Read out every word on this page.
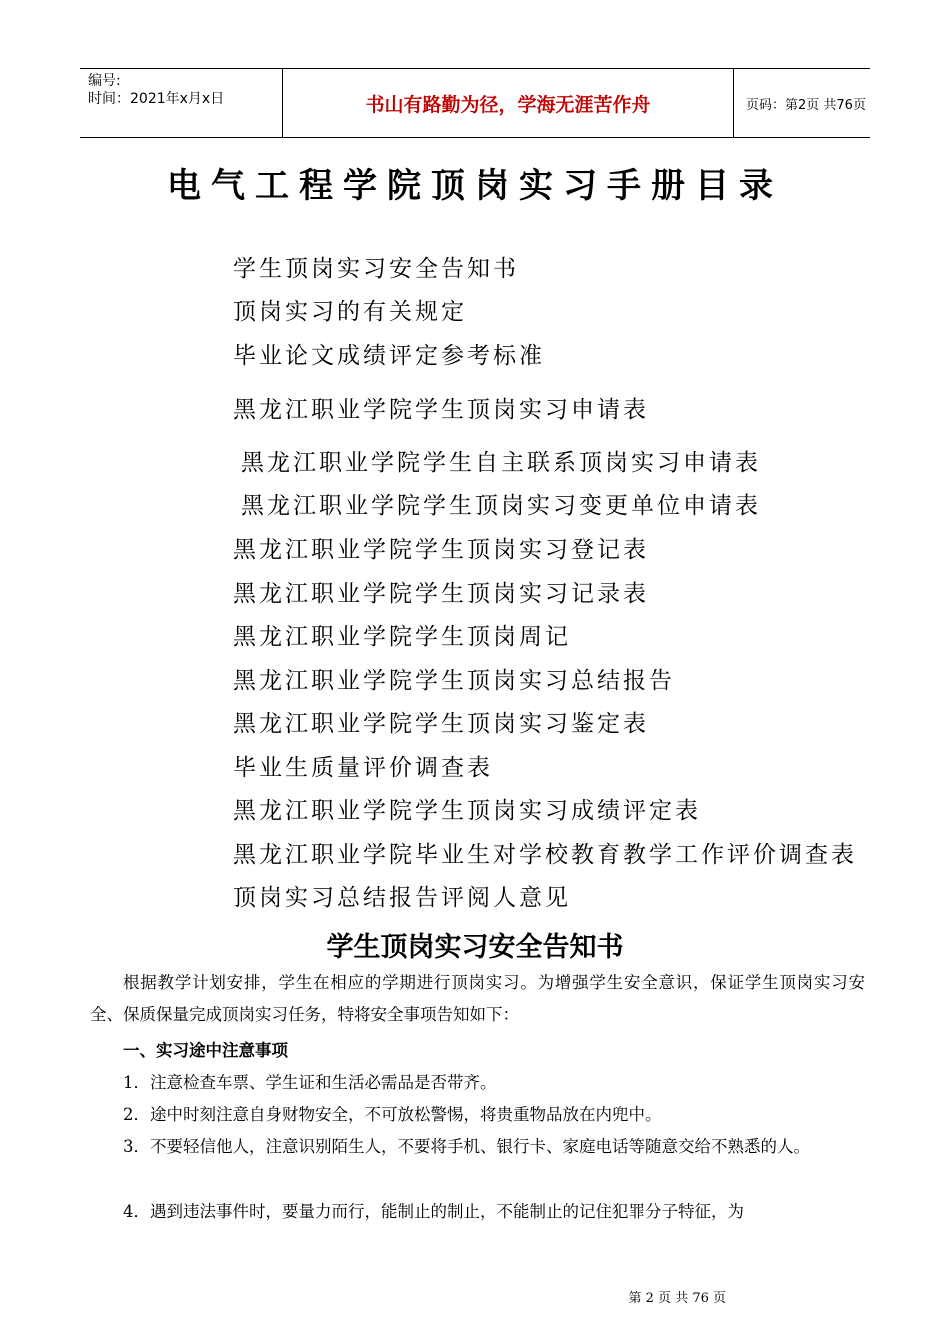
编号:
时间：2021年x月x日	书山有路勤为径，学海无涯苦作舟	页码：第2页 共76页
电气工程学院顶岗实习手册目录
学生顶岗实习安全告知书
顶岗实习的有关规定
毕业论文成绩评定参考标准
黑龙江职业学院学生顶岗实习申请表
黑龙江职业学院学生自主联系顶岗实习申请表
黑龙江职业学院学生顶岗实习变更单位申请表
黑龙江职业学院学生顶岗实习登记表
黑龙江职业学院学生顶岗实习记录表
黑龙江职业学院学生顶岗周记
黑龙江职业学院学生顶岗实习总结报告
黑龙江职业学院学生顶岗实习鉴定表
毕业生质量评价调查表
黑龙江职业学院学生顶岗实习成绩评定表
黑龙江职业学院毕业生对学校教育教学工作评价调查表
顶岗实习总结报告评阅人意见
学生顶岗实习安全告知书
根据教学计划安排，学生在相应的学期进行顶岗实习。为增强学生安全意识，保证学生顶岗实习安全、保质保量完成顶岗实习任务，特将安全事项告知如下：
一、实习途中注意事项
1．注意检查车票、学生证和生活必需品是否带齐。
2．途中时刻注意自身财物安全，不可放松警惕，将贵重物品放在内兜中。
3．不要轻信他人，注意识别陌生人，不要将手机、银行卡、家庭电话等随意交给不熟悉的人。
4．遇到违法事件时，要量力而行，能制止的制止，不能制止的记住犯罪分子特征，为
第 2 页 共 76 页
